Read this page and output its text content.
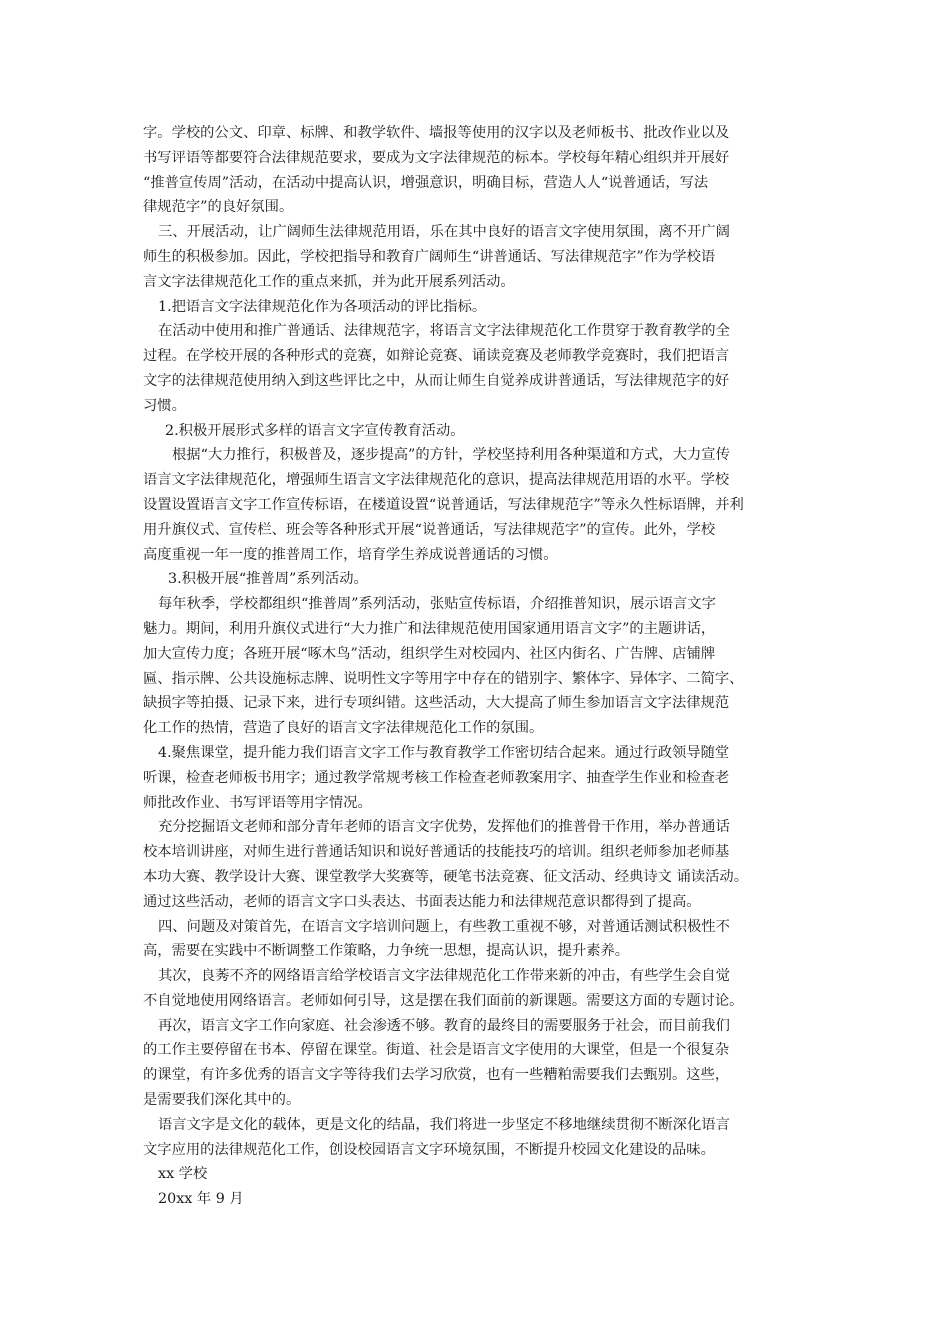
字。学校的公文、印章、标牌、和教学软件、墙报等使用的汉字以及老师板书、批改作业以及
书写评语等都要符合法律规范要求，要成为文字法律规范的标本。学校每年精心组织并开展好
“推普宣传周”活动，在活动中提高认识，增强意识，明确目标，营造人人“说普通话，写法
律规范字”的良好氛围。
三、开展活动，让广阔师生法律规范用语，乐在其中良好的语言文字使用氛围，离不开广阔
师生的积极参加。因此，学校把指导和教育广阔师生“讲普通话、写法律规范字”作为学校语
言文字法律规范化工作的重点来抓，并为此开展系列活动。
1.把语言文字法律规范化作为各项活动的评比指标。
在活动中使用和推广普通话、法律规范字，将语言文字法律规范化工作贯穿于教育教学的全
过程。在学校开展的各种形式的竞赛，如辩论竞赛、诵读竞赛及老师教学竞赛时，我们把语言
文字的法律规范使用纳入到这些评比之中，从而让师生自觉养成讲普通话，写法律规范字的好
习惯。
2.积极开展形式多样的语言文字宣传教育活动。
根据“大力推行，积极普及，逐步提高”的方针，学校坚持利用各种渠道和方式，大力宣传
语言文字法律规范化，增强师生语言文字法律规范化的意识，提高法律规范用语的水平。学校
设置设置语言文字工作宣传标语，在楼道设置“说普通话，写法律规范字”等永久性标语牌，并利
用升旗仪式、宣传栏、班会等各种形式开展“说普通话，写法律规范字”的宣传。此外，学校
高度重视一年一度的推普周工作，培育学生养成说普通话的习惯。
3.积极开展“推普周”系列活动。
每年秋季，学校都组织“推普周”系列活动，张贴宣传标语，介绍推普知识，展示语言文字
魅力。期间，利用升旗仪式进行“大力推广和法律规范使用国家通用语言文字”的主题讲话，
加大宣传力度；各班开展“啄木鸟”活动，组织学生对校园内、社区内街名、广告牌、店铺牌
匾、指示牌、公共设施标志牌、说明性文字等用字中存在的错别字、繁体字、异体字、二简字、
缺损字等拍摄、记录下来，进行专项纠错。这些活动，大大提高了师生参加语言文字法律规范
化工作的热情，营造了良好的语言文字法律规范化工作的氛围。
4.聚焦课堂，提升能力我们语言文字工作与教育教学工作密切结合起来。通过行政领导随堂
听课，检查老师板书用字；通过教学常规考核工作检查老师教案用字、抽查学生作业和检查老
师批改作业、书写评语等用字情况。
充分挖掘语文老师和部分青年老师的语言文字优势，发挥他们的推普骨干作用，举办普通话
校本培训讲座，对师生进行普通话知识和说好普通话的技能技巧的培训。组织老师参加老师基
本功大赛、教学设计大赛、课堂教学大奖赛等，硬笔书法竞赛、征文活动、经典诗文 诵读活动。
通过这些活动，老师的语言文字口头表达、书面表达能力和法律规范意识都得到了提高。
四、问题及对策首先，在语言文字培训问题上，有些教工重视不够，对普通话测试积极性不
高，需要在实践中不断调整工作策略，力争统一思想，提高认识，提升素养。
其次，良莠不齐的网络语言给学校语言文字法律规范化工作带来新的冲击，有些学生会自觉
不自觉地使用网络语言。老师如何引导，这是摆在我们面前的新课题。需要这方面的专题讨论。
再次，语言文字工作向家庭、社会渗透不够。教育的最终目的需要服务于社会，而目前我们
的工作主要停留在书本、停留在课堂。街道、社会是语言文字使用的大课堂，但是一个很复杂
的课堂，有许多优秀的语言文字等待我们去学习欣赏，也有一些糟粕需要我们去甄别。这些，
是需要我们深化其中的。
语言文字是文化的载体，更是文化的结晶，我们将进一步坚定不移地继续贯彻不断深化语言
文字应用的法律规范化工作，创设校园语言文字环境氛围，不断提升校园文化建设的品味。
xx 学校
20xx 年 9 月
